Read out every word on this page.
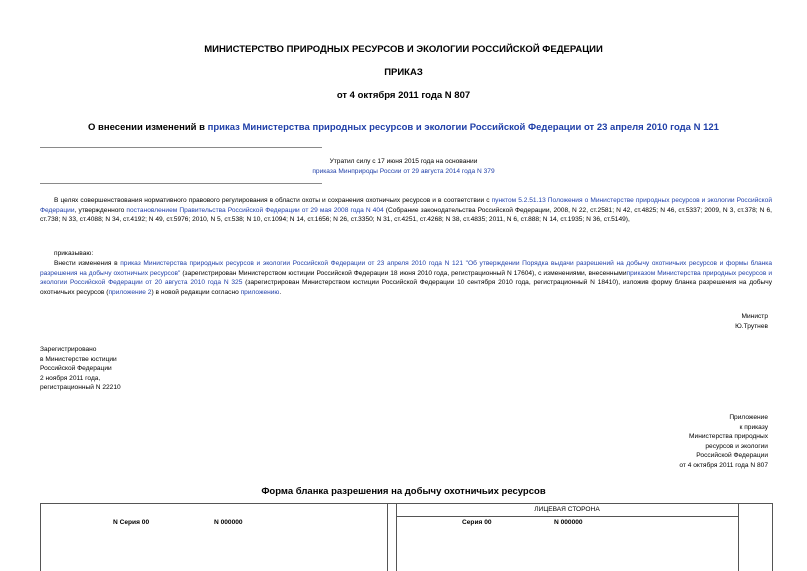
МИНИСТЕРСТВО ПРИРОДНЫХ РЕСУРСОВ И ЭКОЛОГИИ РОССИЙСКОЙ ФЕДЕРАЦИИ
ПРИКАЗ
от 4 октября 2011 года N 807
О внесении изменений в приказ Министерства природных ресурсов и экологии Российской Федерации от 23 апреля 2010 года N 121
Утратил силу с 17 июня 2015 года на основании
приказа Минприроды России от 29 августа 2014 года N 379
В целях совершенствования нормативного правового регулирования в области охоты и сохранения охотничьих ресурсов и в соответствии с пунктом 5.2.51.13 Положения о Министерстве природных ресурсов и экологии Российской Федерации, утвержденного постановлением Правительства Российской Федерации от 29 мая 2008 года N 404 (Собрание законодательства Российской Федерации, 2008, N 22, ст.2581; N 42, ст.4825; N 46, ст.5337; 2009, N 3, ст.378; N 6, ст.738; N 33, ст.4088; N 34, ст.4192; N 49, ст.5976; 2010, N 5, ст.538; N 10, ст.1094; N 14, ст.1656; N 26, ст.3350; N 31, ст.4251, ст.4268; N 38, ст.4835; 2011, N 6, ст.888; N 14, ст.1935; N 36, ст.5149),
приказываю:
Внести изменения в приказ Министерства природных ресурсов и экологии Российской Федерации от 23 апреля 2010 года N 121 "Об утверждении Порядка выдачи разрешений на добычу охотничьих ресурсов и формы бланка разрешения на добычу охотничьих ресурсов" (зарегистрирован Министерством юстиции Российской Федерации 18 июня 2010 года, регистрационный N 17604), с изменениями, внесеннымиприказом Министерства природных ресурсов и экологии Российской Федерации от 20 августа 2010 года N 325 (зарегистрирован Министерством юстиции Российской Федерации 10 сентября 2010 года, регистрационный N 18410), изложив форму бланка разрешения на добычу охотничьих ресурсов (приложение 2) в новой редакции согласно приложению.
Министр
Ю.Трутнев
Зарегистрировано
в Министерстве юстиции
Российской Федерации
2 ноября 2011 года,
регистрационный N 22210
Приложение
к приказу
Министерства природных
ресурсов и экологии
Российской Федерации
от 4 октября 2011 года N 807
Форма бланка разрешения на добычу охотничьих ресурсов
ЛИЦЕВАЯ СТОРОНА
N Серия 00	N 000000	Серия 00	N 000000
